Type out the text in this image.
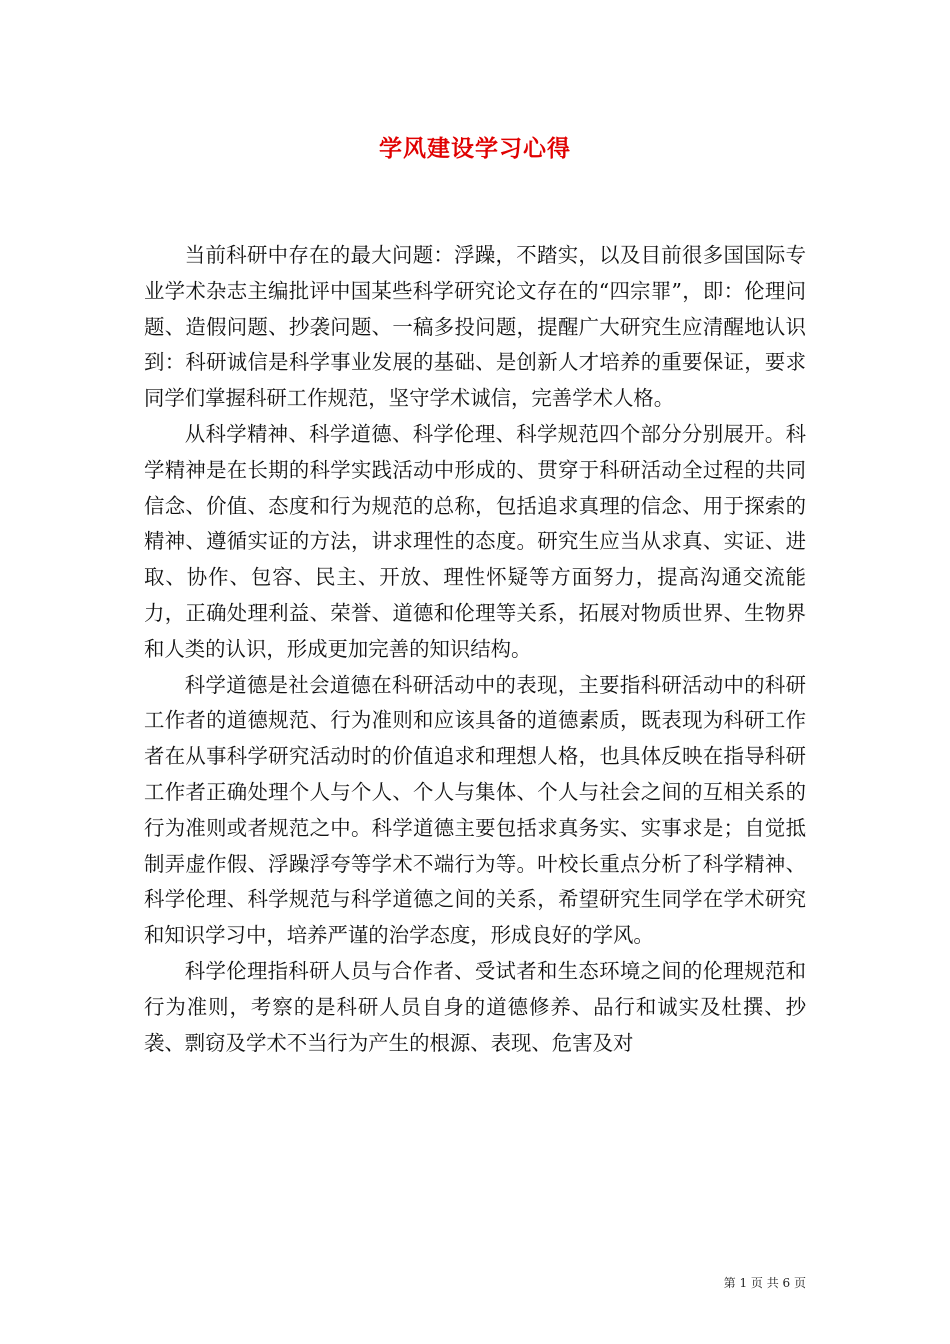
学风建设学习心得

当前科研中存在的最大问题：浮躁，不踏实，以及目前很多国国际专业学术杂志主编批评中国某些科学研究论文存在的“四宗罪”，即：伦理问题、造假问题、抄袭问题、一稿多投问题，提醒广大研究生应清醒地认识到：科研诚信是科学事业发展的基础、是创新人才培养的重要保证，要求同学们掌握科研工作规范，坚守学术诚信，完善学术人格。

从科学精神、科学道德、科学伦理、科学规范四个部分分别展开。科学精神是在长期的科学实践活动中形成的、贯穿于科研活动全过程的共同信念、价值、态度和行为规范的总称，包括追求真理的信念、用于探索的精神、遵循实证的方法，讲求理性的态度。研究生应当从求真、实证、进取、协作、包容、民主、开放、理性怀疑等方面努力，提高沟通交流能力，正确处理利益、荣誉、道德和伦理等关系，拓展对物质世界、生物界和人类的认识，形成更加完善的知识结构。

科学道德是社会道德在科研活动中的表现，主要指科研活动中的科研工作者的道德规范、行为准则和应该具备的道德素质，既表现为科研工作者在从事科学研究活动时的价值追求和理想人格，也具体反映在指导科研工作者正确处理个人与个人、个人与集体、个人与社会之间的互相关系的行为准则或者规范之中。科学道德主要包括求真务实、实事求是；自觉抵制弄虚作假、浮躁浮夸等学术不端行为等。叶校长重点分析了科学精神、科学伦理、科学规范与科学道德之间的关系，希望研究生同学在学术研究和知识学习中，培养严谨的治学态度，形成良好的学风。

科学伦理指科研人员与合作者、受试者和生态环境之间的伦理规范和行为准则，考察的是科研人员自身的道德修养、品行和诚实及杜撰、抄袭、剽窃及学术不当行为产生的根源、表现、危害及对

第 1 页 共 6 页
